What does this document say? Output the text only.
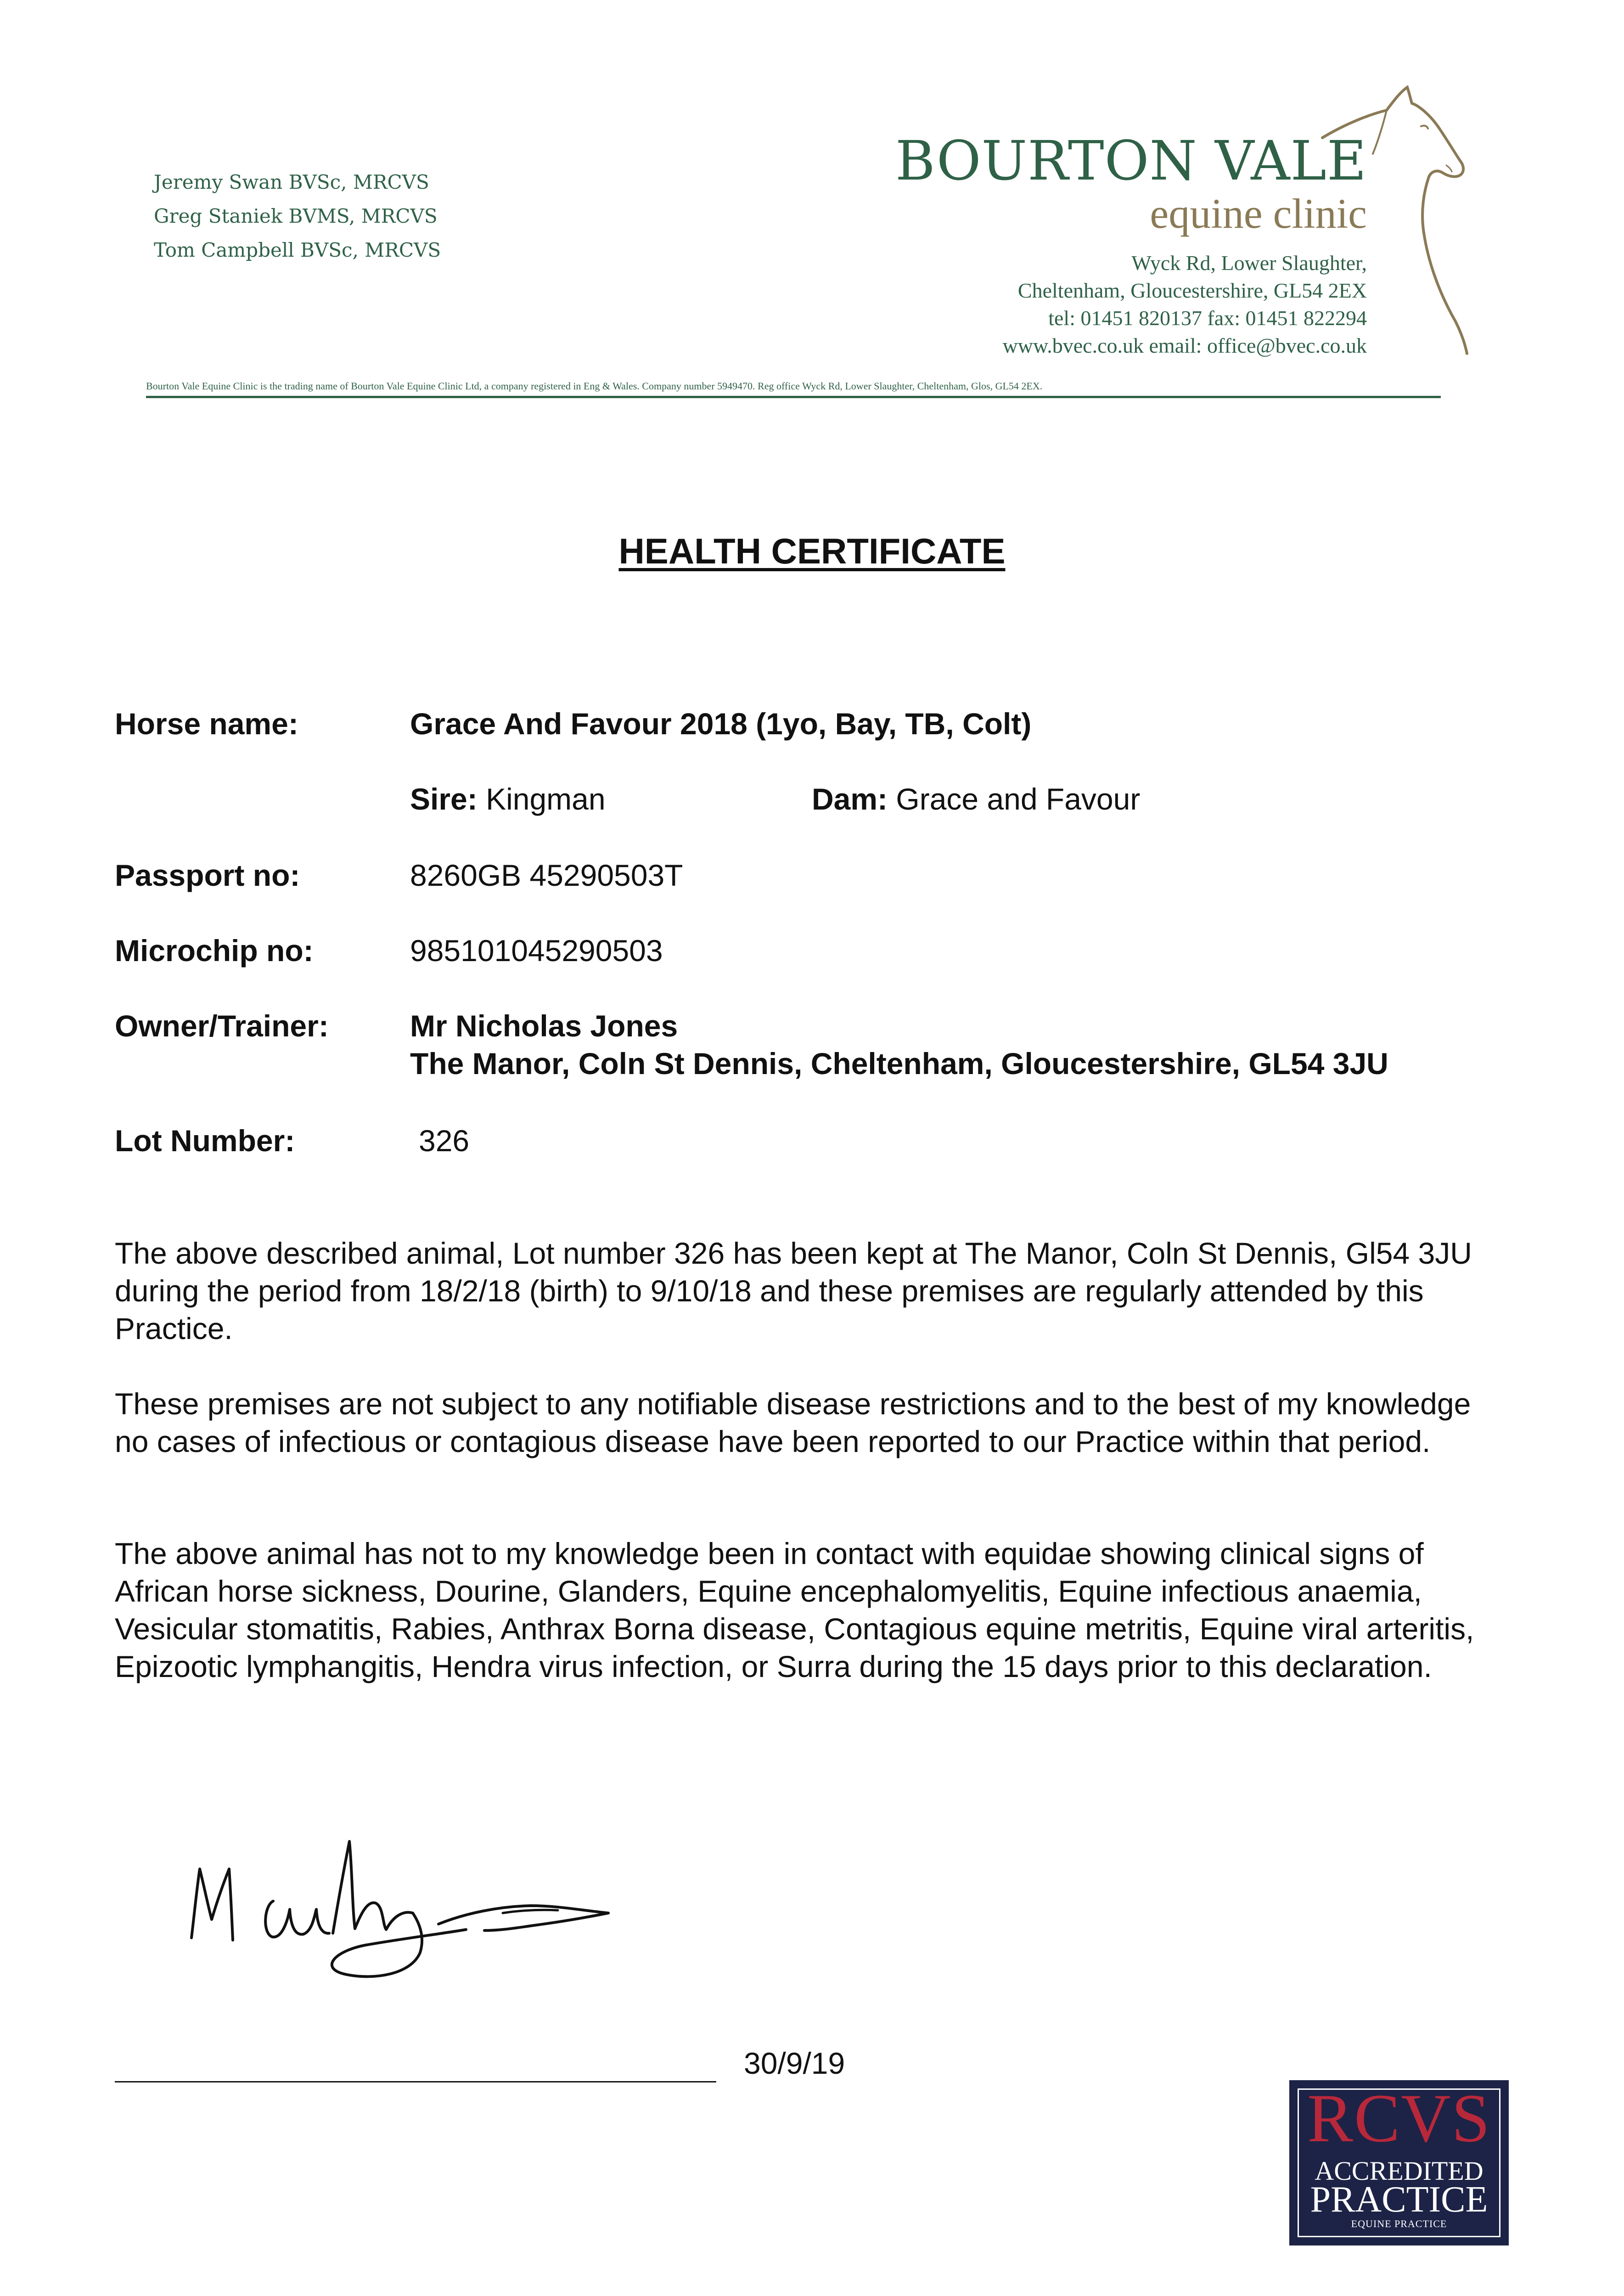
Jeremy Swan BVSc, MRCVS
Greg Staniek BVMS, MRCVS
Tom Campbell BVSc, MRCVS
BOURTON VALE
equine clinic
Wyck Rd, Lower Slaughter,
Cheltenham, Gloucestershire, GL54 2EX
tel: 01451 820137 fax: 01451 822294
www.bvec.co.uk email: office@bvec.co.uk
Bourton Vale Equine Clinic is the trading name of Bourton Vale Equine Clinic Ltd, a company registered in Eng & Wales. Company number 5949470. Reg office Wyck Rd, Lower Slaughter, Cheltenham, Glos, GL54 2EX.
HEALTH CERTIFICATE
Horse name:	Grace And Favour 2018 (1yo, Bay, TB, Colt)
Sire: Kingman	Dam: Grace and Favour
Passport no:	8260GB 45290503T
Microchip no:	985101045290503
Owner/Trainer:	Mr Nicholas Jones
The Manor, Coln St Dennis, Cheltenham, Gloucestershire, GL54 3JU
Lot Number:	326
The above described animal, Lot number 326 has been kept at The Manor, Coln St Dennis, Gl54 3JU during the period from 18/2/18 (birth) to 9/10/18 and these premises are regularly attended by this Practice.
These premises are not subject to any notifiable disease restrictions and to the best of my knowledge no cases of infectious or contagious disease have been reported to our Practice within that period.
The above animal has not to my knowledge been in contact with equidae showing clinical signs of African horse sickness, Dourine, Glanders, Equine encephalomyelitis, Equine infectious anaemia, Vesicular stomatitis, Rabies, Anthrax Borna disease, Contagious equine metritis, Equine viral arteritis, Epizootic lymphangitis, Hendra virus infection, or Surra during the 15 days prior to this declaration.
30/9/19
RCVS
ACCREDITED
PRACTICE
EQUINE PRACTICE
